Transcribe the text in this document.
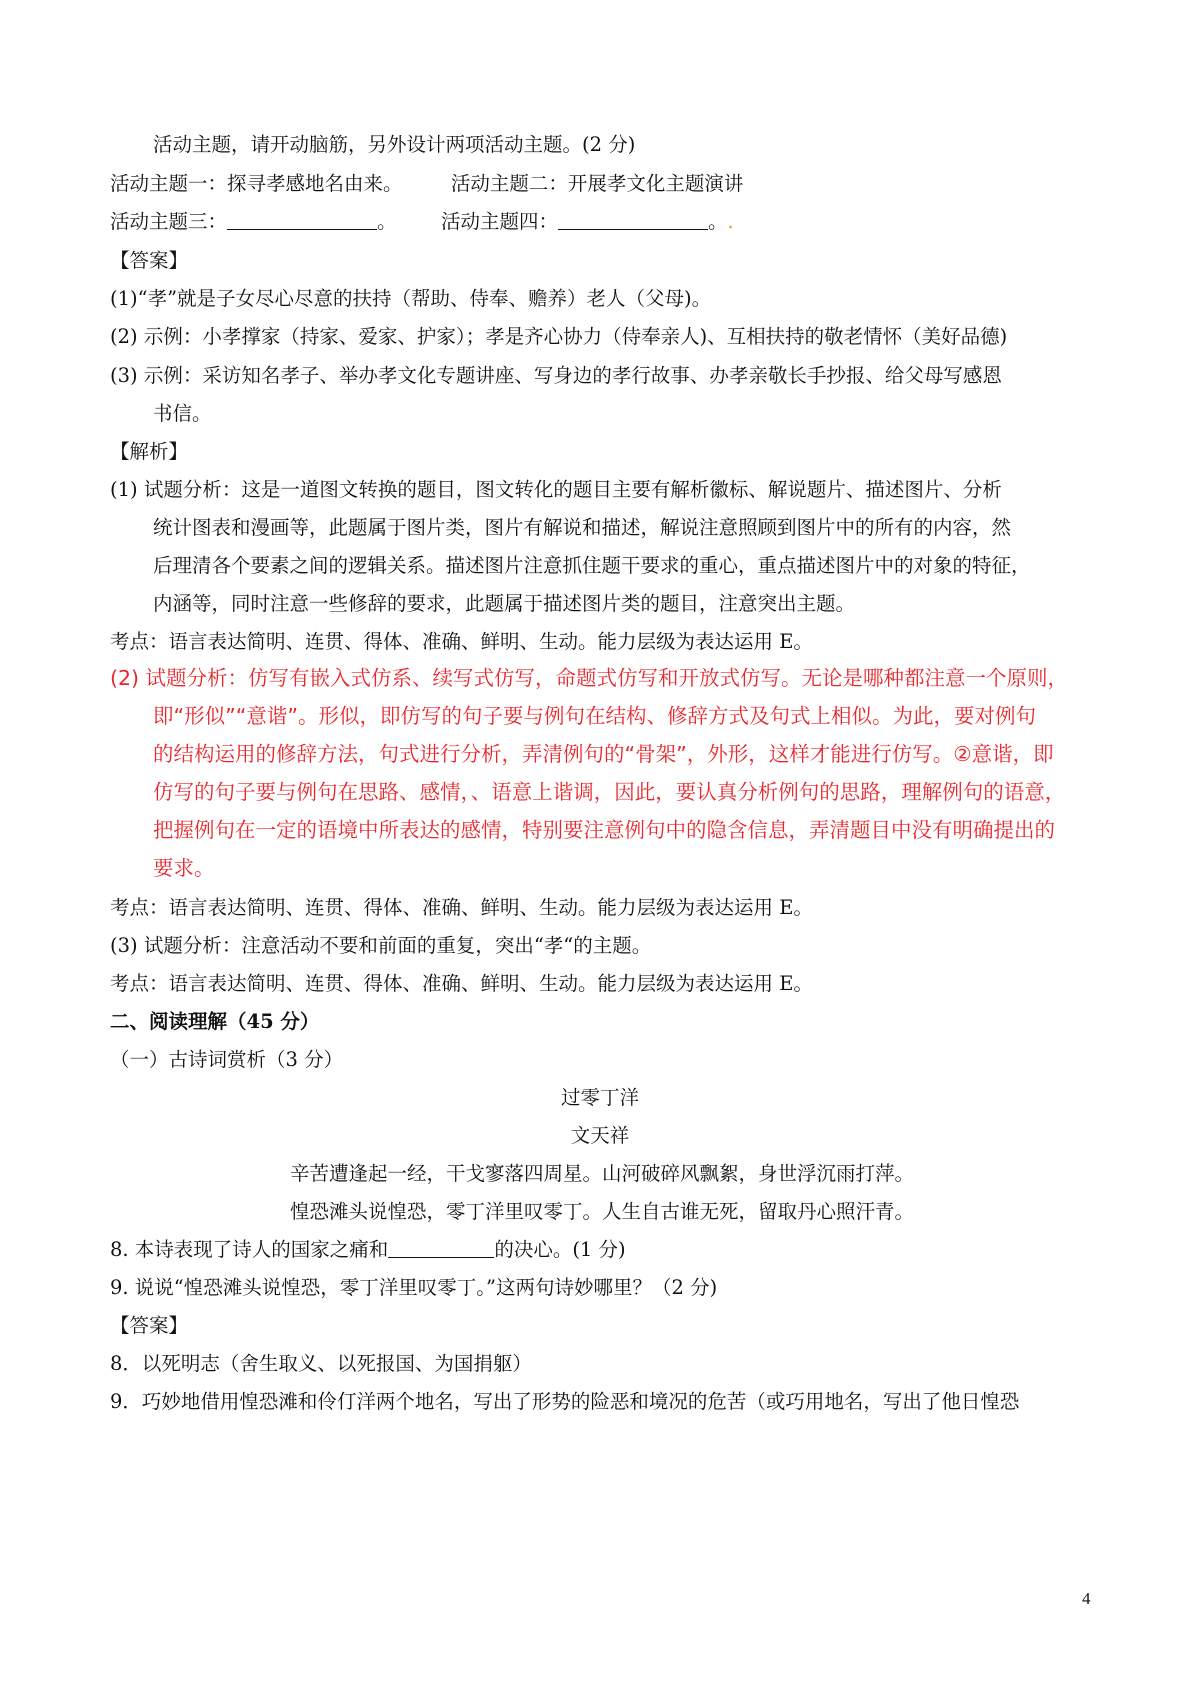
活动主题，请开动脑筋，另外设计两项活动主题。(2 分)
活动主题一：探寻孝感地名由来。 活动主题二：开展孝文化主题演讲
活动主题三：	。 活动主题四：	。.
【答案】
(1)“孝”就是子女尽心尽意的扶持（帮助、侍奉、赡养）老人（父母)。
(2) 示例：小孝撑家（持家、爱家、护家）；孝是齐心协力（侍奉亲人)、互相扶持的敬老情怀（美好品德)
(3) 示例：采访知名孝子、举办孝文化专题讲座、写身边的孝行故事、办孝亲敬长手抄报、给父母写感恩
书信。
【解析】
(1) 试题分析：这是一道图文转换的题目，图文转化的题目主要有解析徽标、解说题片、描述图片、分析
统计图表和漫画等，此题属于图片类，图片有解说和描述，解说注意照顾到图片中的所有的内容，然
后理清各个要素之间的逻辑关系。描述图片注意抓住题干要求的重心，重点描述图片中的对象的特征，
内涵等，同时注意一些修辞的要求，此题属于描述图片类的题目，注意突出主题。
考点：语言表达简明、连贯、得体、准确、鲜明、生动。能力层级为表达运用 E。
(2) 试题分析：仿写有嵌入式仿系、续写式仿写，命题式仿写和开放式仿写。无论是哪种都注意一个原则，
即“形似”“意谐”。形似，即仿写的句子要与例句在结构、修辞方式及句式上相似。为此，要对例句
的结构运用的修辞方法，句式进行分析，弄清例句的“骨架”，外形，这样才能进行仿写。②意谐，即
仿写的句子要与例句在思路、感情，、语意上谐调，因此，要认真分析例句的思路，理解例句的语意，
把握例句在一定的语境中所表达的感情，特别要注意例句中的隐含信息，弄清题目中没有明确提出的
要求。
考点：语言表达简明、连贯、得体、准确、鲜明、生动。能力层级为表达运用 E。
(3) 试题分析：注意活动不要和前面的重复，突出“孝“的主题。
考点：语言表达简明、连贯、得体、准确、鲜明、生动。能力层级为表达运用 E。
二、阅读理解（45 分）
（一）古诗词赏析（3 分）
过零丁洋
文天祥
辛苦遭逢起一经，干戈寥落四周星。山河破碎风飘絮，身世浮沉雨打萍。
惶恐滩头说惶恐，零丁洋里叹零丁。人生自古谁无死，留取丹心照汗青。
8. 本诗表现了诗人的国家之痛和	的决心。(1 分)
9. 说说“惶恐滩头说惶恐，零丁洋里叹零丁。”这两句诗妙哪里？（2 分)
【答案】
8．以死明志（舍生取义、以死报国、为国捐躯）
9．巧妙地借用惶恐滩和伶仃洋两个地名，写出了形势的险恶和境况的危苦（或巧用地名，写出了他日惶恐
4
